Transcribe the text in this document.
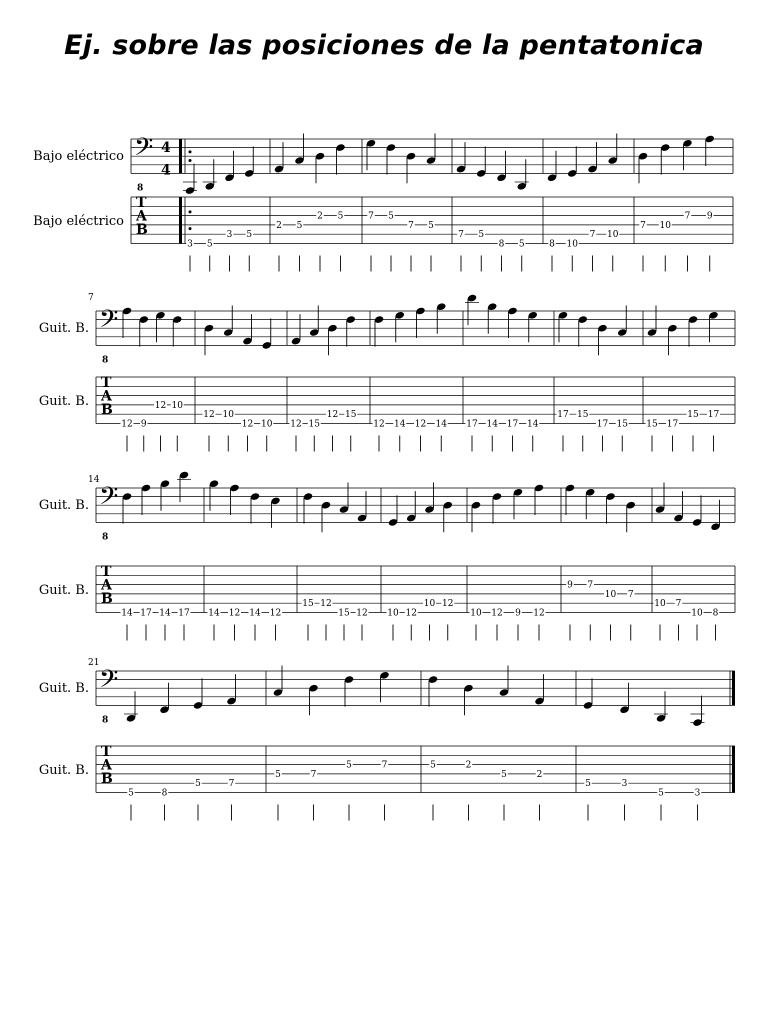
Ej. sobre las posiciones de la pentatonica
Bajo eléctrico
Bajo eléctrico
𝄢
8
T
A
B
4
4
3 5
3 5
2 5
2 5	7 5
7 5
7 5
8 5	8 10
7 10
7 10
7 9
Guit. B.
Guit. B.
7
𝄢
8
T
A
B
12 9
12 10
12 10
12 10 12 15
12 15
12 14 12 14 17 14 17 14
17 15
17 15 15 17
15 17
Guit. B.
Guit. B.
14
𝄢
8
T
A
B
14 17 14 17 14 12 14 12
15 12
15 12 10 12
10 12
10 12 9 12
9 7
10 7
10 7
10 8
Guit. B.
Guit. B.
21
𝄢
8
T
A
B
5	8
5	7
5	7
5	7	5	2
5	2
5	3
5	3
